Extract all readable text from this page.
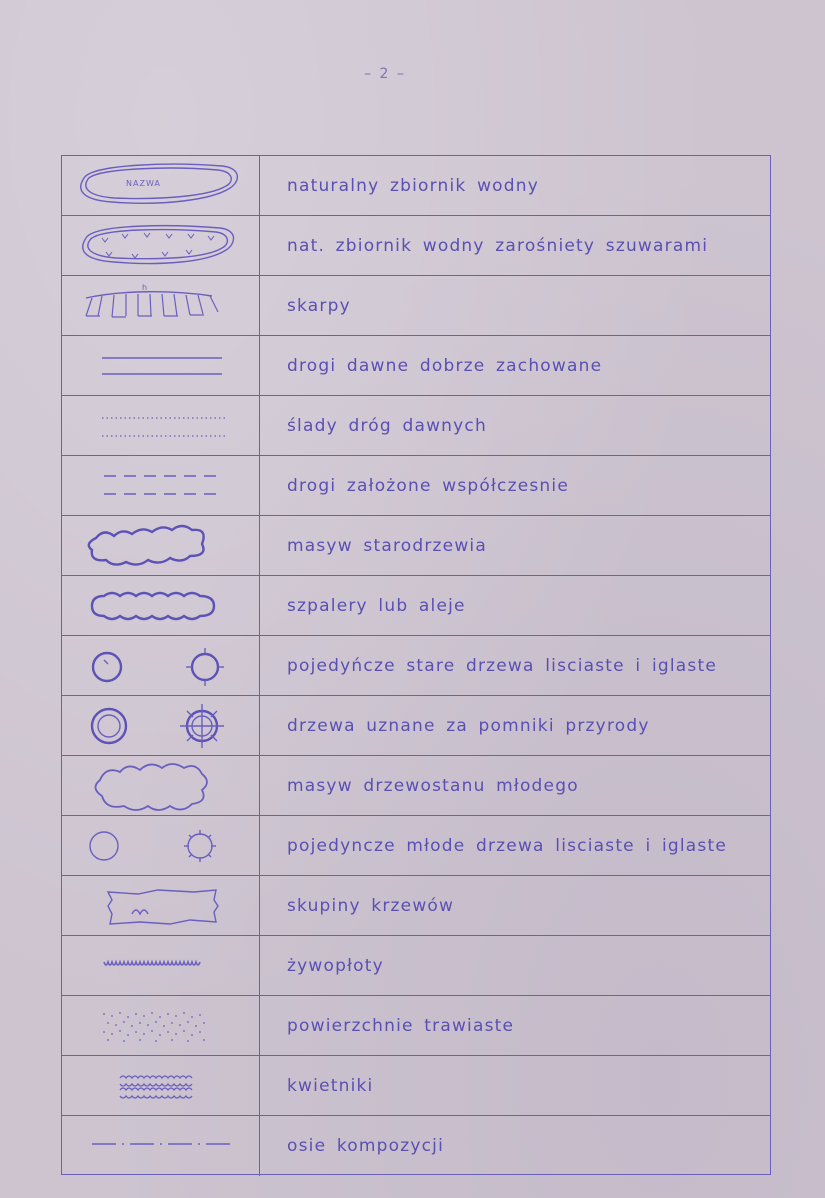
– 2 –
NAZWA	naturalny zbiornik wodny
nat. zbiornik wodny zarośniety szuwarami
h
skarpy
drogi dawne dobrze zachowane
ślady dróg dawnych
drogi założone współczesnie
masyw starodrzewia
szpalery lub aleje
pojedyńcze stare drzewa lisciaste i iglaste
drzewa uznane za pomniki przyrody
masyw drzewostanu młodego
pojedyncze młode drzewa lisciaste i iglaste
skupiny krzewów
żywopłoty
powierzchnie trawiaste
kwietniki
osie kompozycji
